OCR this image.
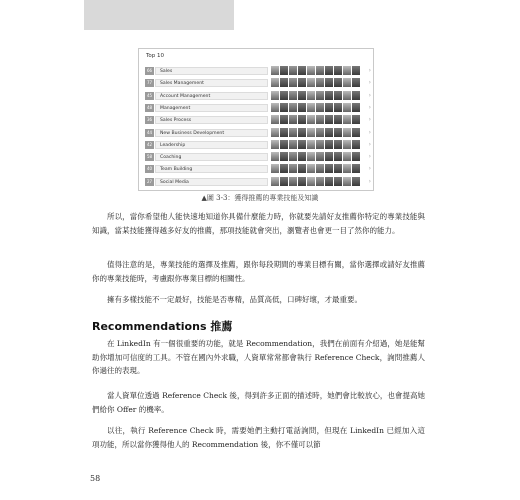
Top 10
66	Sales	›
77	Sales Management	›
45	Account Management	›
48	Management	›
36	Sales Process	›
44	New Business Development	›
42	Leadership	›
58	Coaching	›
40	Team Building	›
27	Social Media	›
▲圖 3-3：獲得推薦的專業技能及知識

所以，當你希望他人能快速地知道你具備什麼能力時，你就要先請好友推薦你特定的專業技能與知識，當某技能獲得越多好友的推薦，那項技能就會突出，瀏覽者也會更一目了然你的能力。

值得注意的是，專業技能的選擇及推薦，跟你每段期間的專業目標有關，當你選擇或請好友推薦你的專業技能時，考慮跟你專業目標的相關性。

擁有多樣技能不一定最好，技能是否專精，品質高低，口碑好壞，才最重要。

Recommendations 推薦

在 LinkedIn 有一個很重要的功能，就是 Recommendation，我們在前面有介紹過，她是能幫助你增加可信度的工具。不管在國內外求職，人資單常常都會執行 Reference Check，詢問推薦人你過往的表現。

當人資單位透過 Reference Check 後，得到許多正面的描述時，她們會比較放心，也會提高她們給你 Offer 的機率。

以往，執行 Reference Check 時，需要她們主動打電話詢問，但現在 LinkedIn 已經加入這項功能，所以當你獲得他人的 Recommendation 後，你不僅可以節

58
